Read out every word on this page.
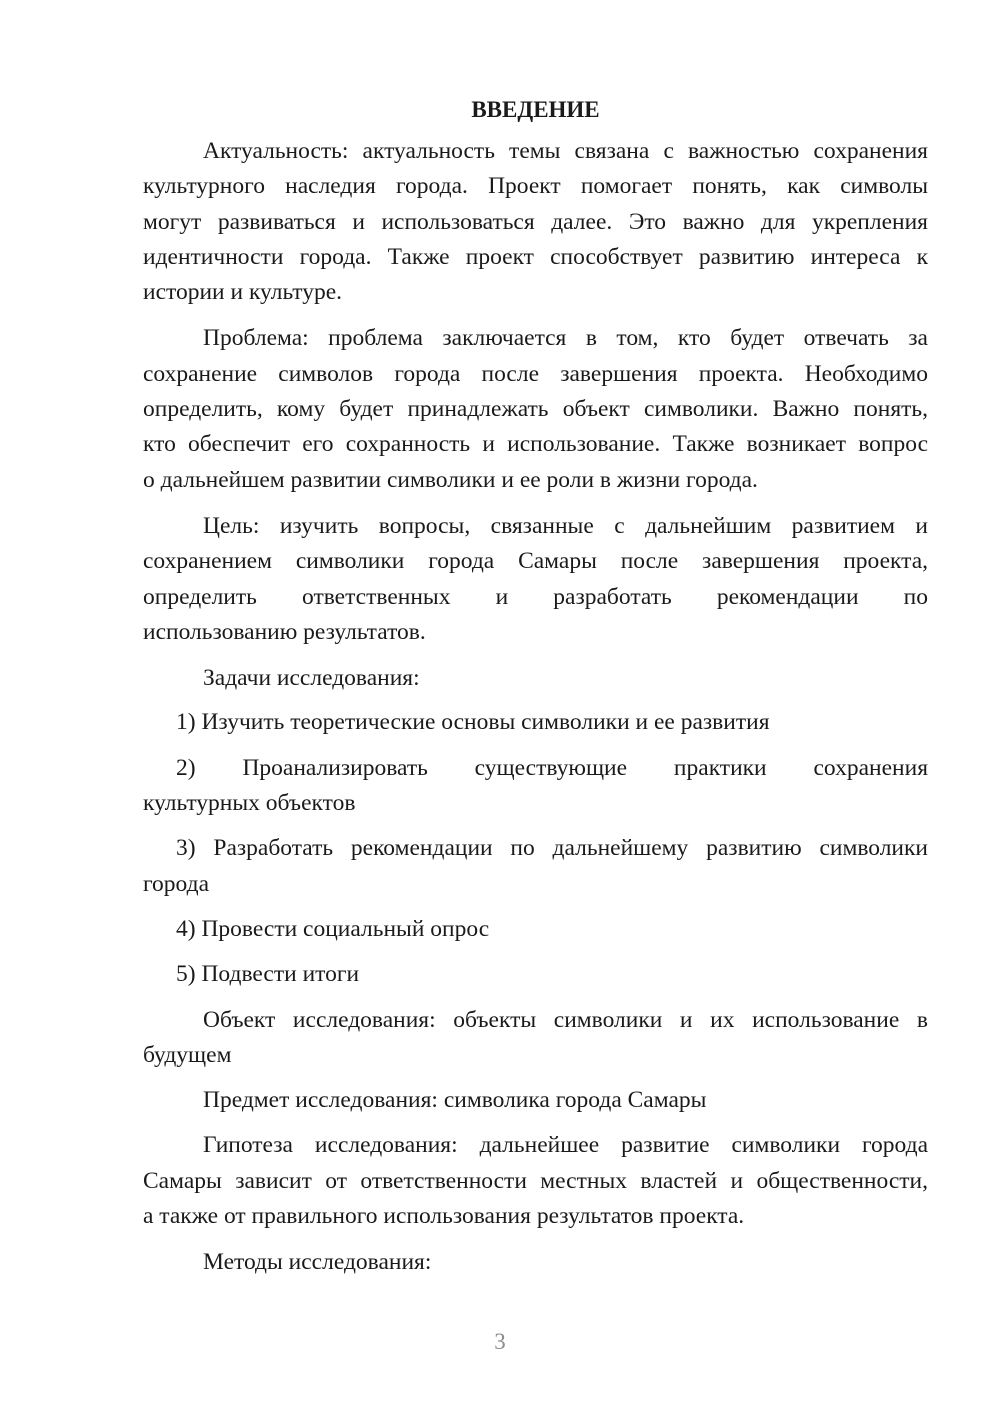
ВВЕДЕНИЕ
Актуальность: актуальность темы связана с важностью сохранения
культурного наследия города. Проект помогает понять, как символы
могут развиваться и использоваться далее. Это важно для укрепления
идентичности города. Также проект способствует развитию интереса к
истории и культуре.
Проблема: проблема заключается в том, кто будет отвечать за
сохранение символов города после завершения проекта. Необходимо
определить, кому будет принадлежать объект символики. Важно понять,
кто обеспечит его сохранность и использование. Также возникает вопрос
о дальнейшем развитии символики и ее роли в жизни города.
Цель: изучить вопросы, связанные с дальнейшим развитием и
сохранением символики города Самары после завершения проекта,
определить ответственных и разработать рекомендации по
использованию результатов.
Задачи исследования:
1) Изучить теоретические основы символики и ее развития
2) Проанализировать существующие практики сохранения
культурных объектов
3) Разработать рекомендации по дальнейшему развитию символики
города
4) Провести социальный опрос
5) Подвести итоги
Объект исследования: объекты символики и их использование в
будущем
Предмет исследования: символика города Самары
Гипотеза исследования: дальнейшее развитие символики города
Самары зависит от ответственности местных властей и общественности,
а также от правильного использования результатов проекта.
Методы исследования:
3
